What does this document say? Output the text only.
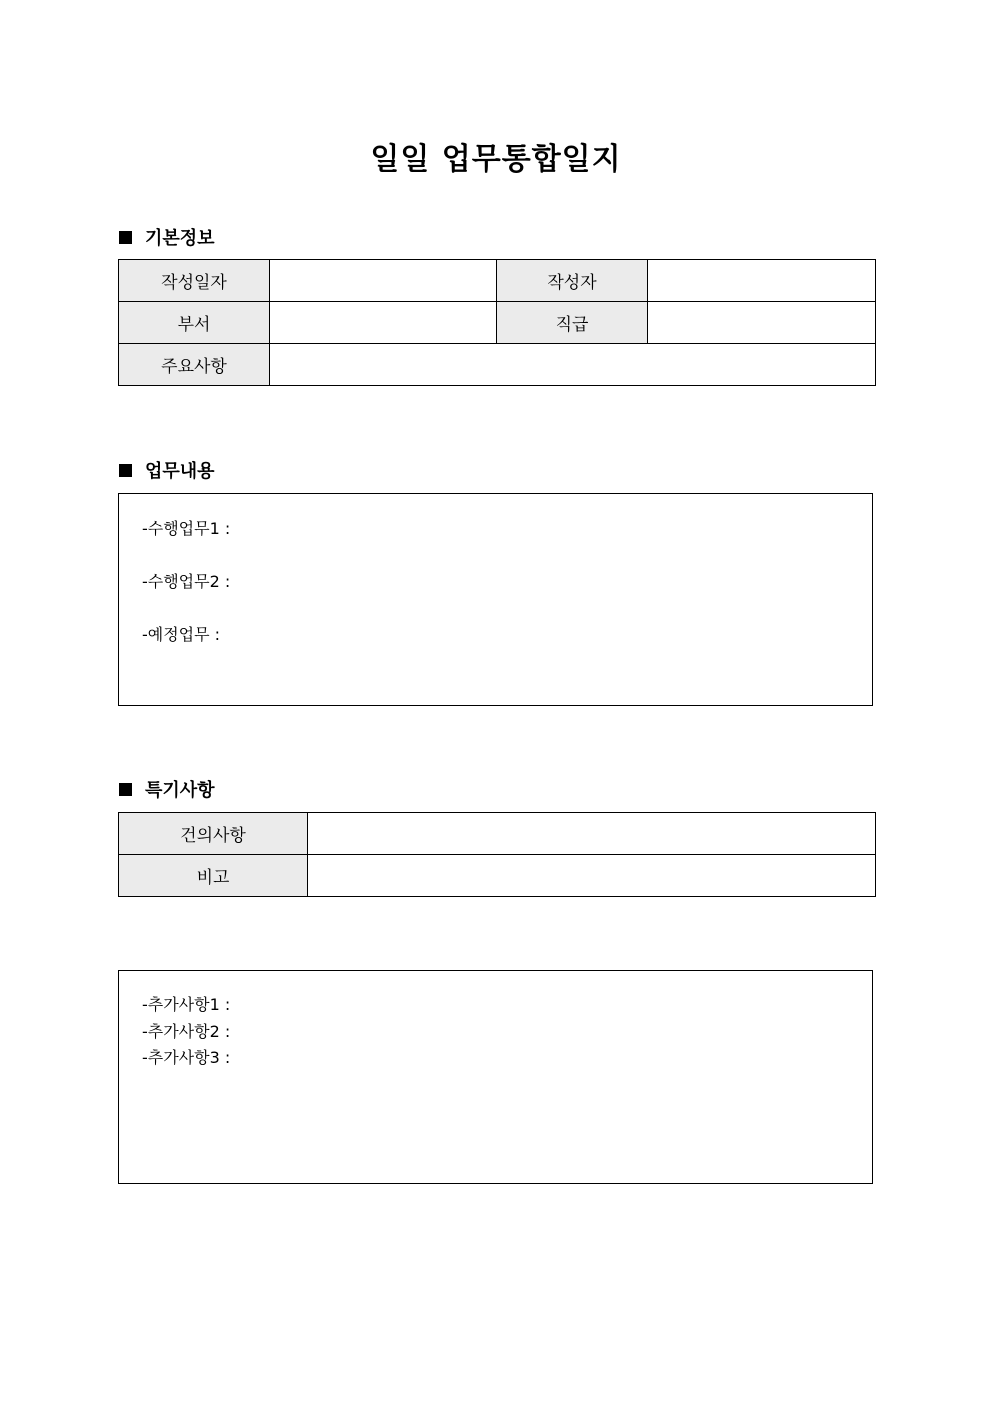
일일 업무통합일지
기본정보
작성일자		작성자	
부서		직급	
주요사항			
업무내용
-수행업무1 :
-수행업무2 :
-예정업무 :
특기사항
건의사항	
비고	
-추가사항1 :
-추가사항2 :
-추가사항3 :
